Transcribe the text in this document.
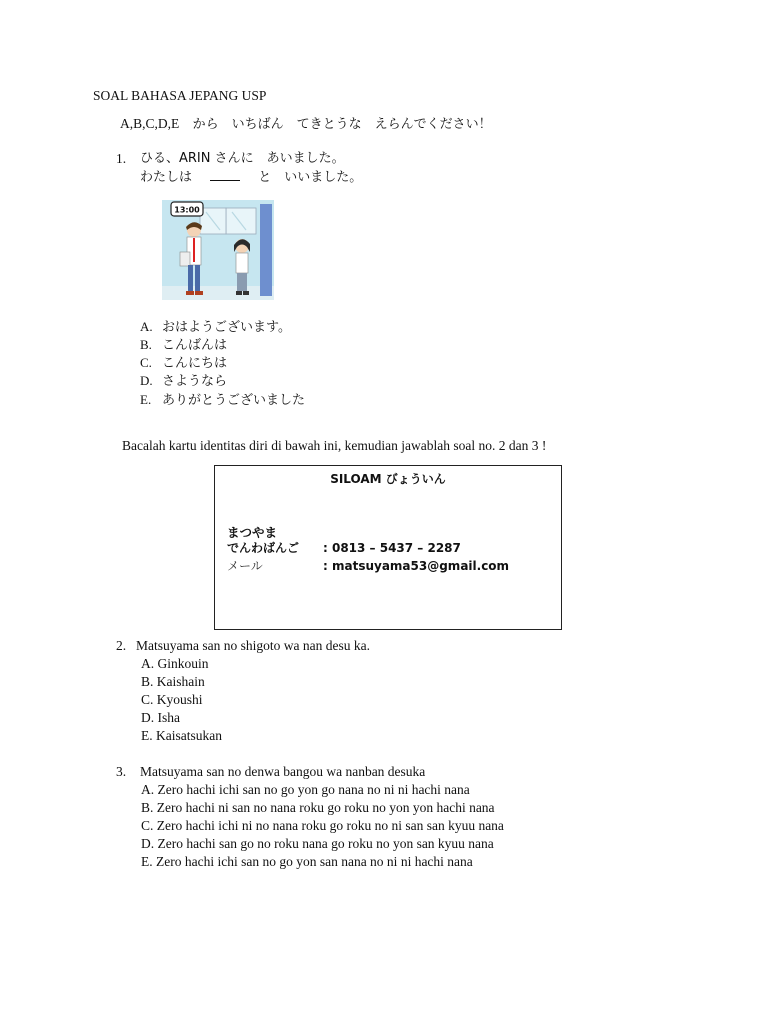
SOAL BAHASA JEPANG USP
A,B,C,D,E から　いちばん　てきとうな　えらんでください！
1. ひる、ARIN さんに　あいました。
わたしは	と　いいました。
13:00
A. おはようございます。
B. こんばんは
C. こんにちは
D. さようなら
E. ありがとうございました
Bacalah kartu identitas diri di bawah ini, kemudian jawablah soal no. 2 dan 3 !
SILOAM びょういん
まつやま
でんわばんご : 0813 – 5437 – 2287
メール	: matsuyama53@gmail.com
2. Matsuyama san no shigoto wa nan desu ka.
A. Ginkouin
B. Kaishain
C. Kyoushi
D. Isha
E. Kaisatsukan
3. Matsuyama san no denwa bangou wa nanban desuka
A. Zero hachi ichi san no go yon go nana no ni ni hachi nana
B. Zero hachi ni san no nana roku go roku no yon yon hachi nana
C. Zero hachi ichi ni no nana roku go roku no ni san san kyuu nana
D. Zero hachi san go no roku nana go roku no yon san kyuu nana
E. Zero hachi ichi san no go yon san nana no ni ni hachi nana
